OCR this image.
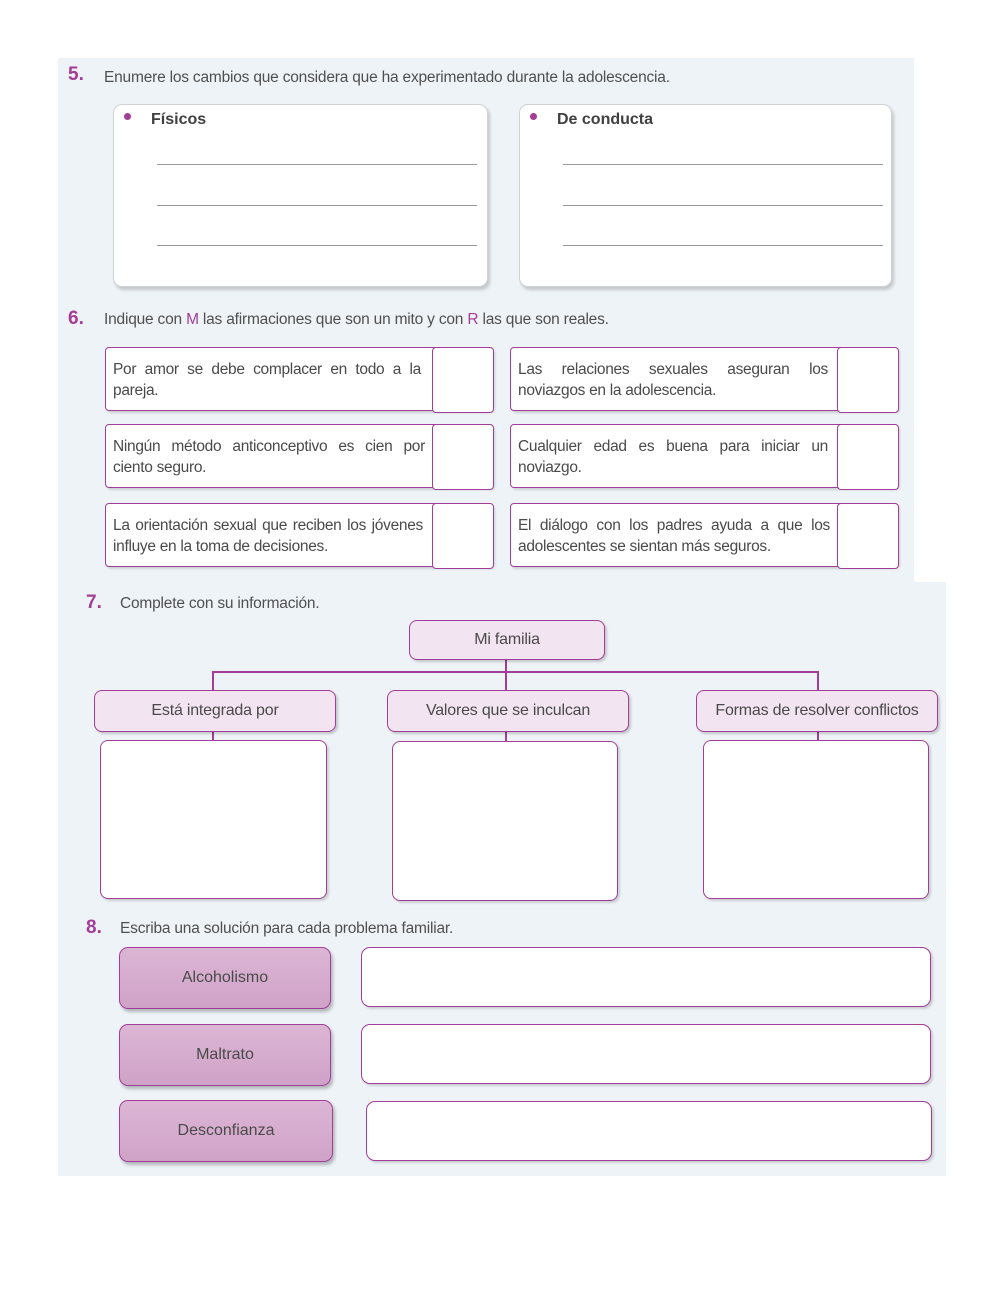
5. Enumere los cambios que considera que ha experimentado durante la adolescencia.
Físicos	De conducta
6. Indique con M las afirmaciones que son un mito y con R las que son reales.
Por amor se debe complacer en todo a la pareja.
Las relaciones sexuales aseguran los noviazgos en la adolescencia.
Ningún método anticonceptivo es cien por ciento seguro.
Cualquier edad es buena para iniciar un noviazgo.
La orientación sexual que reciben los jóvenes influye en la toma de decisiones.
El diálogo con los padres ayuda a que los adolescentes se sientan más seguros.
7. Complete con su información.
Mi familia
Está integrada por	Valores que se inculcan	Formas de resolver conflictos
8. Escriba una solución para cada problema familiar.
Alcoholismo
Maltrato
Desconfianza
